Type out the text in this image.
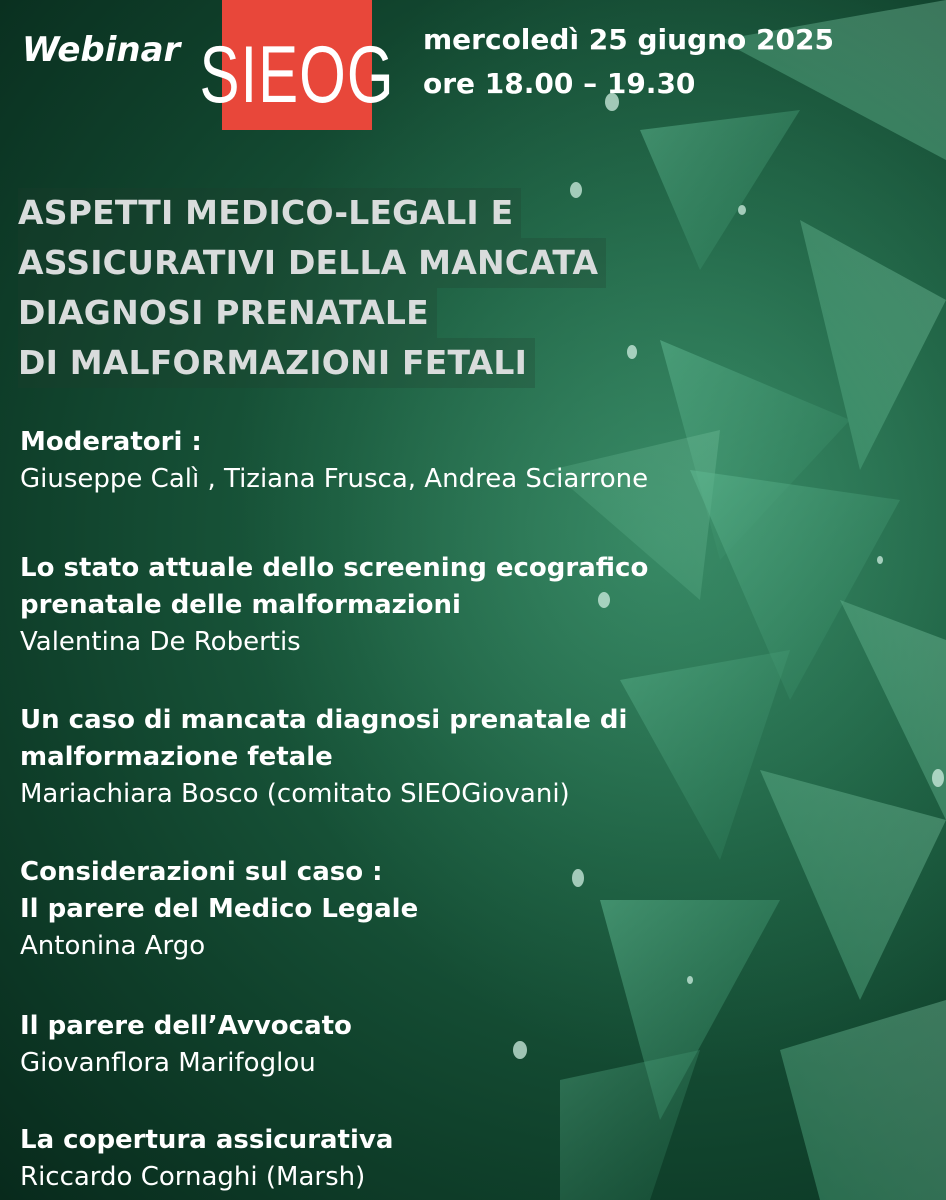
Webinar SIEOG mercoledì 25 giugno 2025
ore 18.00 – 19.30
ASPETTI MEDICO-LEGALI E
ASSICURATIVI DELLA MANCATA
DIAGNOSI PRENATALE
DI MALFORMAZIONI FETALI
Moderatori :
Giuseppe Calì , Tiziana Frusca, Andrea Sciarrone
Lo stato attuale dello screening ecografico
prenatale delle malformazioni
Valentina De Robertis
Un caso di mancata diagnosi prenatale di
malformazione fetale
Mariachiara Bosco (comitato SIEOGiovani)
Considerazioni sul caso :
Il parere del Medico Legale
Antonina Argo
Il parere dell’Avvocato
Giovanflora Marifoglou
La copertura assicurativa
Riccardo Cornaghi (Marsh)
